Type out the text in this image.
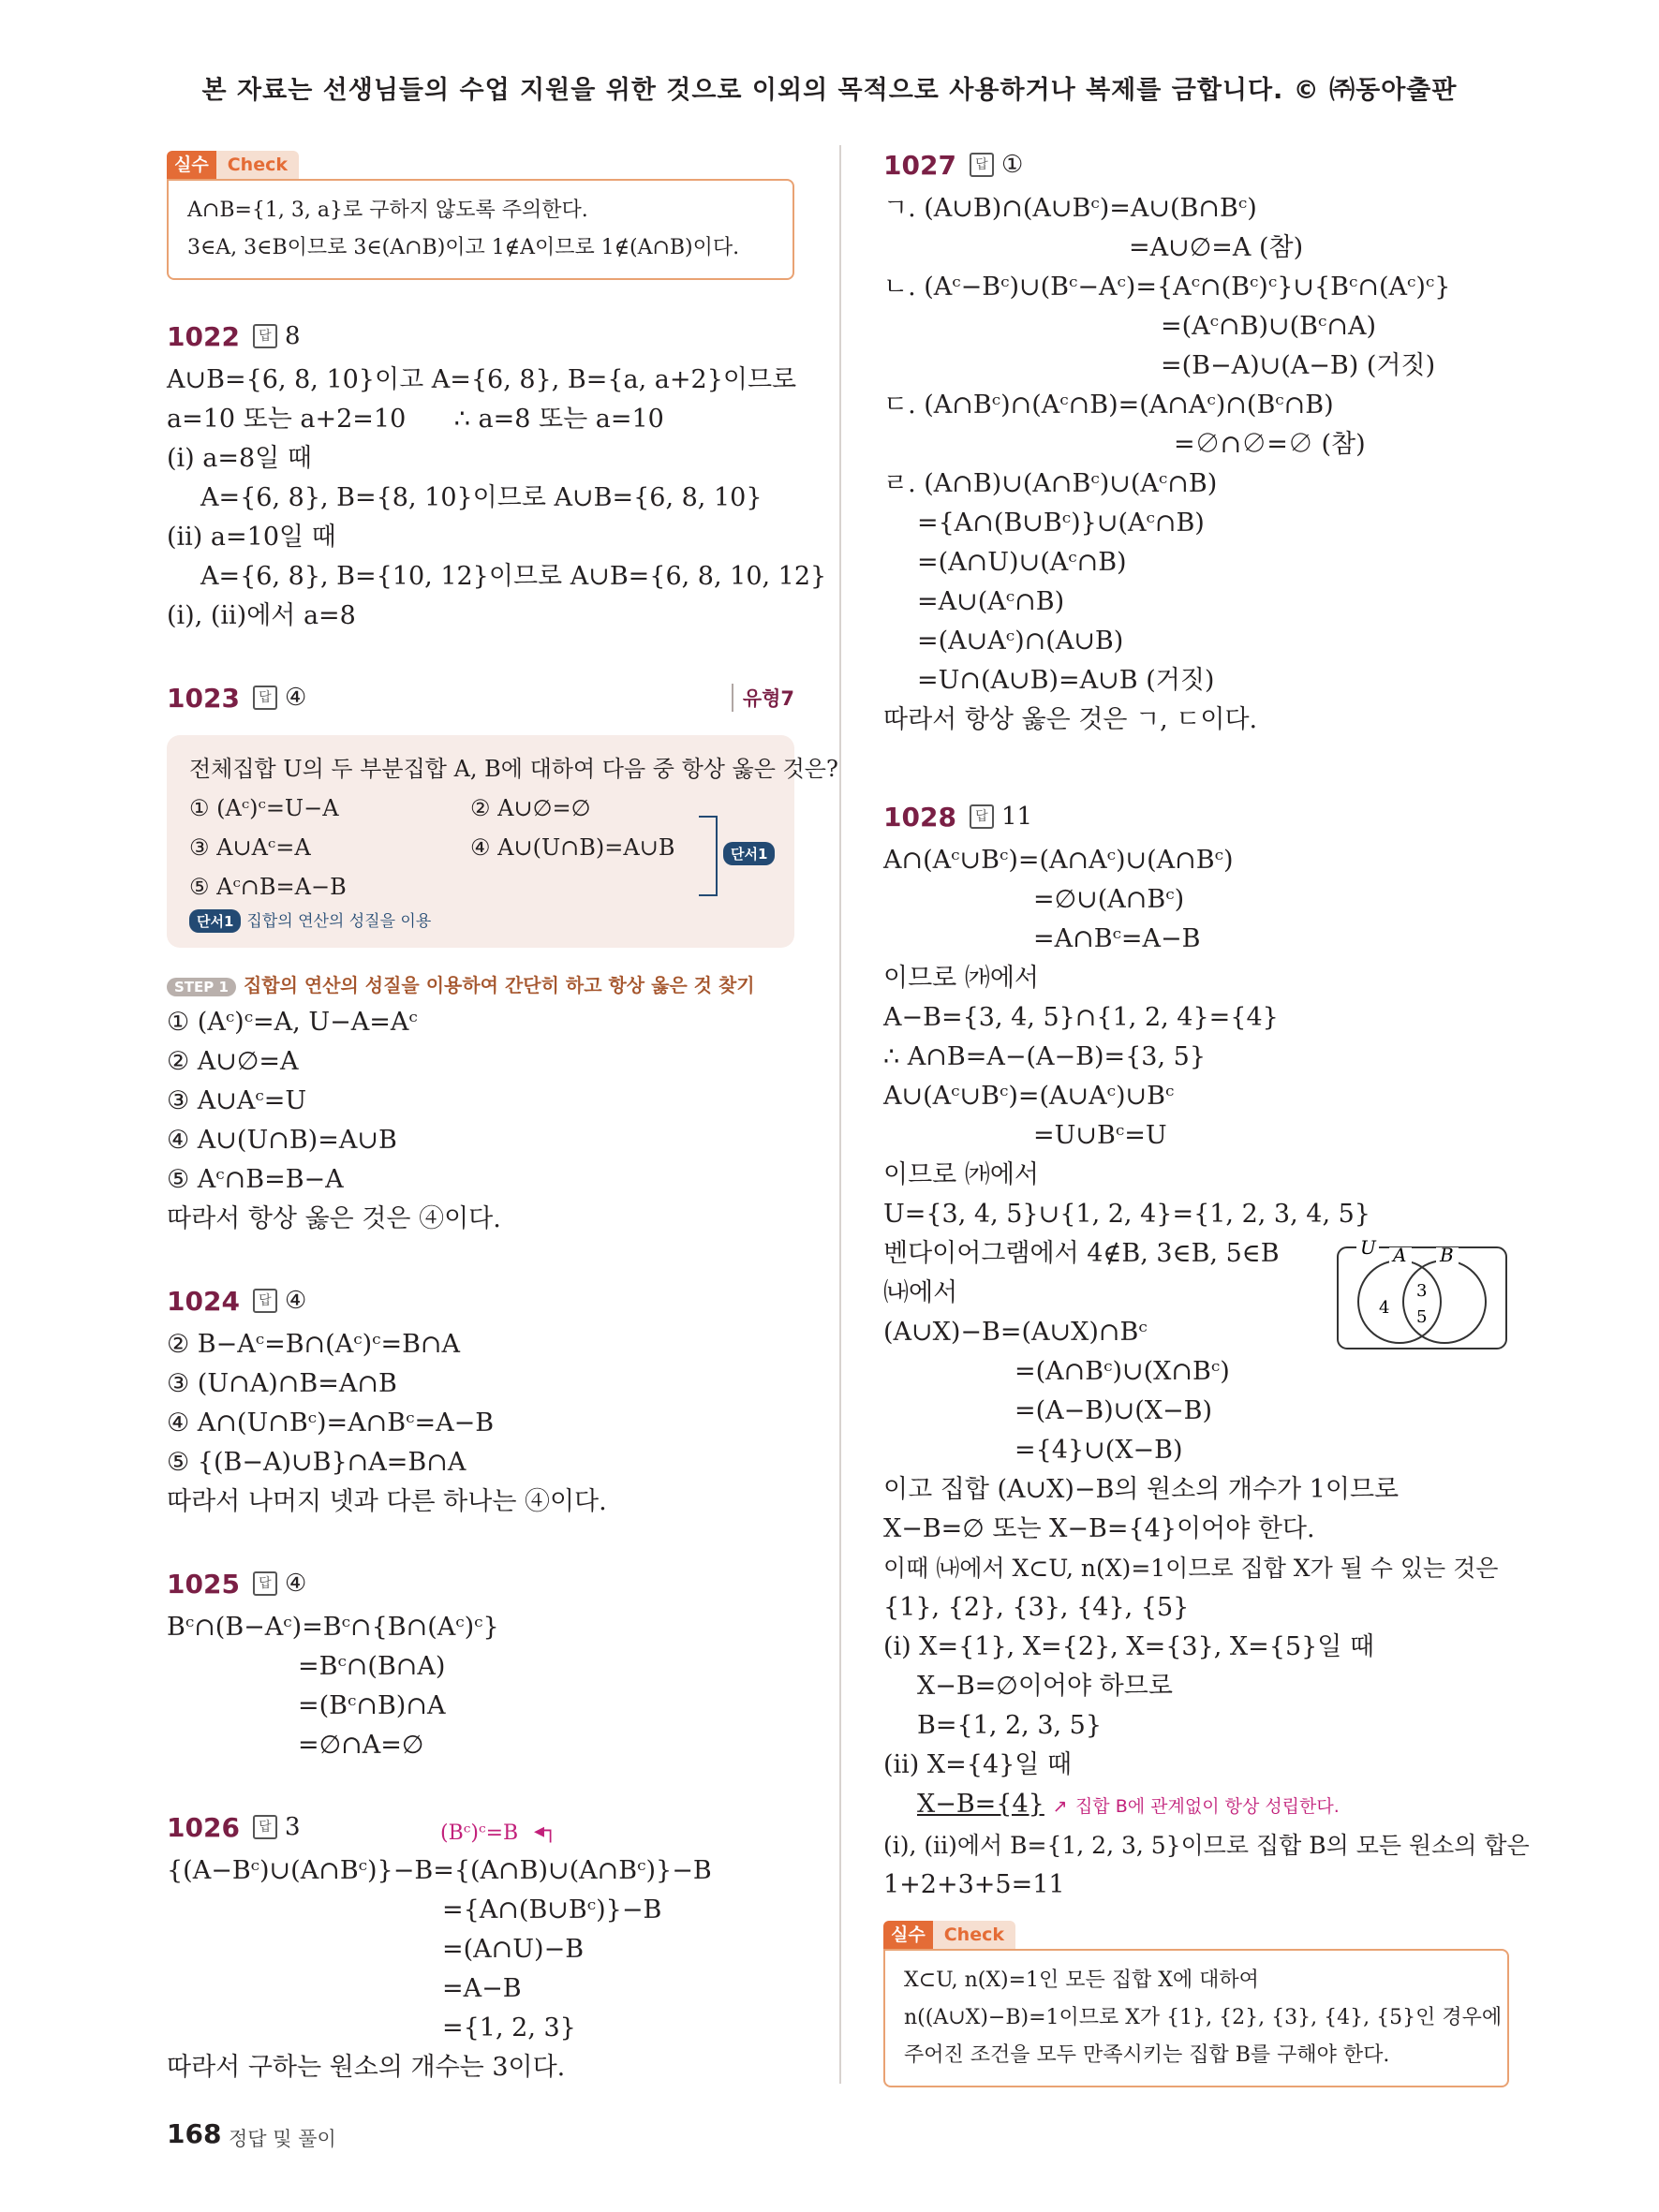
본 자료는 선생님들의 수업 지원을 위한 것으로 이외의 목적으로 사용하거나 복제를 금합니다. © ㈜동아출판
실수	Check
A∩B={1, 3, a}로 구하지 않도록 주의한다.
3∈A, 3∈B이므로 3∈(A∩B)이고 1∉A이므로 1∉(A∩B)이다.
1022	답 8
A∪B={6, 8, 10}이고 A={6, 8}, B={a, a+2}이므로
a=10 또는 a+2=10      ∴ a=8 또는 a=10
(i) a=8일 때
A={6, 8}, B={8, 10}이므로 A∪B={6, 8, 10}
(ii) a=10일 때
A={6, 8}, B={10, 12}이므로 A∪B={6, 8, 10, 12}
(i), (ii)에서 a=8
1023	답 ④	유형7
전체집합 U의 두 부분집합 A, B에 대하여 다음 중 항상 옳은 것은?
① (Aᶜ)ᶜ=U−A	② A∪∅=∅
③ A∪Aᶜ=A	④ A∪(U∩B)=A∪B
⑤ Aᶜ∩B=A−B
단서1 집합의 연산의 성질을 이용
단서1
STEP 1 집합의 연산의 성질을 이용하여 간단히 하고 항상 옳은 것 찾기
① (Aᶜ)ᶜ=A, U−A=Aᶜ
② A∪∅=A
③ A∪Aᶜ=U
④ A∪(U∩B)=A∪B
⑤ Aᶜ∩B=B−A
따라서 항상 옳은 것은 ④이다.
1024	답 ④
② B−Aᶜ=B∩(Aᶜ)ᶜ=B∩A
③ (U∩A)∩B=A∩B
④ A∩(U∩Bᶜ)=A∩Bᶜ=A−B
⑤ {(B−A)∪B}∩A=B∩A
따라서 나머지 넷과 다른 하나는 ④이다.
1025	답 ④
Bᶜ∩(B−Aᶜ)=Bᶜ∩{B∩(Aᶜ)ᶜ}
=Bᶜ∩(B∩A)
=(Bᶜ∩B)∩A
=∅∩A=∅
1026	답 3	(Bᶜ)ᶜ=B ◂┐
{(A−Bᶜ)∪(A∩Bᶜ)}−B={(A∩B)∪(A∩Bᶜ)}−B
={A∩(B∪Bᶜ)}−B
=(A∩U)−B
=A−B
={1, 2, 3}
따라서 구하는 원소의 개수는 3이다.
1027	답 ①
ㄱ. (A∪B)∩(A∪Bᶜ)=A∪(B∩Bᶜ)
=A∪∅=A (참)
ㄴ. (Aᶜ−Bᶜ)∪(Bᶜ−Aᶜ)={Aᶜ∩(Bᶜ)ᶜ}∪{Bᶜ∩(Aᶜ)ᶜ}
=(Aᶜ∩B)∪(Bᶜ∩A)
=(B−A)∪(A−B) (거짓)
ㄷ. (A∩Bᶜ)∩(Aᶜ∩B)=(A∩Aᶜ)∩(Bᶜ∩B)
=∅∩∅=∅ (참)
ㄹ. (A∩B)∪(A∩Bᶜ)∪(Aᶜ∩B)
={A∩(B∪Bᶜ)}∪(Aᶜ∩B)
=(A∩U)∪(Aᶜ∩B)
=A∪(Aᶜ∩B)
=(A∪Aᶜ)∩(A∪B)
=U∩(A∪B)=A∪B (거짓)
따라서 항상 옳은 것은 ㄱ, ㄷ이다.
1028	답 11
A∩(Aᶜ∪Bᶜ)=(A∩Aᶜ)∪(A∩Bᶜ)
=∅∪(A∩Bᶜ)
=A∩Bᶜ=A−B
이므로 ㈎에서
A−B={3, 4, 5}∩{1, 2, 4}={4}
∴ A∩B=A−(A−B)={3, 5}
A∪(Aᶜ∪Bᶜ)=(A∪Aᶜ)∪Bᶜ
=U∪Bᶜ=U
이므로 ㈎에서
U={3, 4, 5}∪{1, 2, 4}={1, 2, 3, 4, 5}
벤다이어그램에서 4∉B, 3∈B, 5∈B
㈏에서
(A∪X)−B=(A∪X)∩Bᶜ
=(A∩Bᶜ)∪(X∩Bᶜ)
=(A−B)∪(X−B)
={4}∪(X−B)
이고 집합 (A∪X)−B의 원소의 개수가 1이므로
X−B=∅ 또는 X−B={4}이어야 한다.
이때 ㈏에서 X⊂U, n(X)=1이므로 집합 X가 될 수 있는 것은
{1}, {2}, {3}, {4}, {5}
(i) X={1}, X={2}, X={3}, X={5}일 때
X−B=∅이어야 하므로
B={1, 2, 3, 5}
(ii) X={4}일 때
X−B={4} ↗ 집합 B에 관계없이 항상 성립한다.
(i), (ii)에서 B={1, 2, 3, 5}이므로 집합 B의 모든 원소의 합은
1+2+3+5=11
실수	Check
X⊂U, n(X)=1인 모든 집합 X에 대하여
n((A∪X)−B)=1이므로 X가 {1}, {2}, {3}, {4}, {5}인 경우에
주어진 조건을 모두 만족시키는 집합 B를 구해야 한다.
U A B
4
3
5
168 정답 및 풀이
